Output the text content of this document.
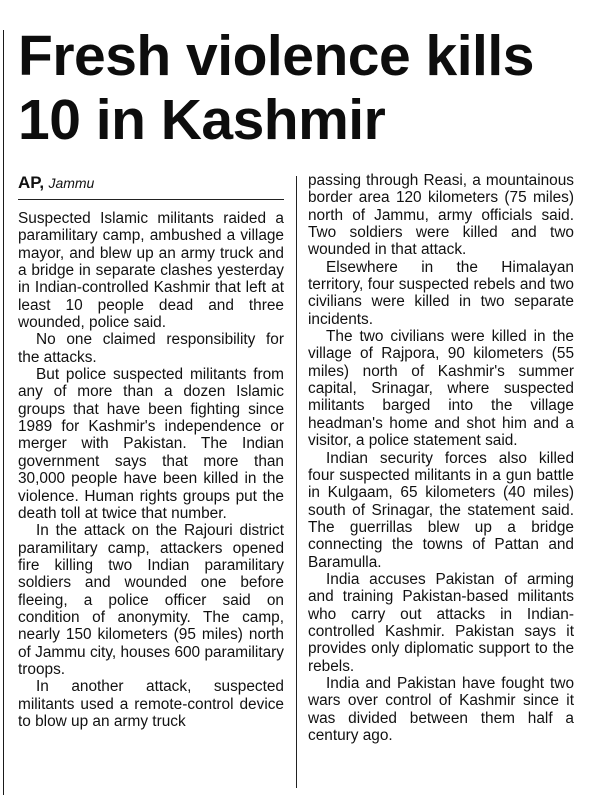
Fresh violence kills 10 in Kashmir
AP, Jammu

Suspected Islamic militants raided a paramilitary camp, ambushed a village mayor, and blew up an army truck and a bridge in separate clashes yesterday in Indian-controlled Kashmir that left at least 10 people dead and three wounded, police said.

No one claimed responsibility for the attacks.

But police suspected militants from any of more than a dozen Islamic groups that have been fighting since 1989 for Kashmir's independence or merger with Pakistan. The Indian government says that more than 30,000 people have been killed in the violence. Human rights groups put the death toll at twice that number.

In the attack on the Rajouri district paramilitary camp, attackers opened fire killing two Indian paramilitary soldiers and wounded one before fleeing, a police officer said on condition of anonymity. The camp, nearly 150 kilometers (95 miles) north of Jammu city, houses 600 paramilitary troops.

In another attack, suspected militants used a remote-control device to blow up an army truck

passing through Reasi, a mountainous border area 120 kilometers (75 miles) north of Jammu, army officials said. Two soldiers were killed and two wounded in that attack.

Elsewhere in the Himalayan territory, four suspected rebels and two civilians were killed in two separate incidents.

The two civilians were killed in the village of Rajpora, 90 kilometers (55 miles) north of Kashmir's summer capital, Srinagar, where suspected militants barged into the village headman's home and shot him and a visitor, a police statement said.

Indian security forces also killed four suspected militants in a gun battle in Kulgaam, 65 kilometers (40 miles) south of Srinagar, the statement said. The guerrillas blew up a bridge connecting the towns of Pattan and Baramulla.

India accuses Pakistan of arming and training Pakistan-based militants who carry out attacks in Indian-controlled Kashmir. Pakistan says it provides only diplomatic support to the rebels.

India and Pakistan have fought two wars over control of Kashmir since it was divided between them half a century ago.
